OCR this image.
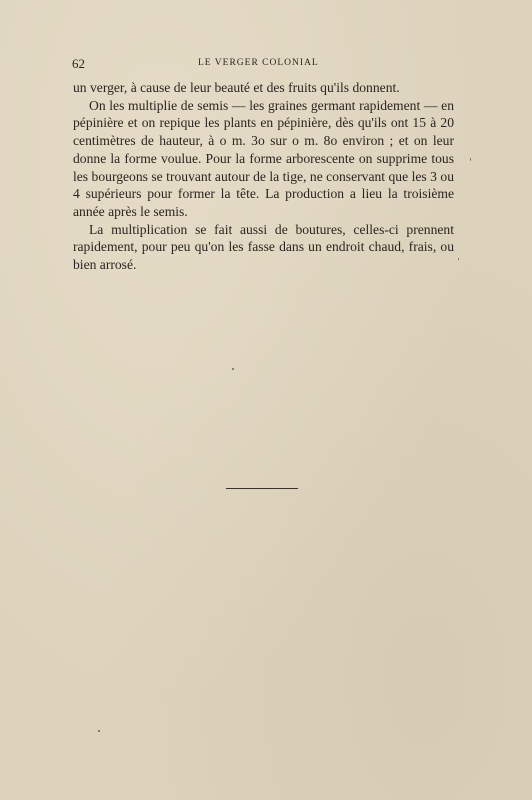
62	LE VERGER COLONIAL

un verger, à cause de leur beauté et des fruits qu'ils donnent.

On les multiplie de semis — les graines germant rapidement — en pépinière et on repique les plants en pépinière, dès qu'ils ont 15 à 20 centimètres de hauteur, à o m. 3o sur o m. 8o environ ; et on leur donne la forme voulue. Pour la forme arborescente on supprime tous les bourgeons se trouvant autour de la tige, ne conservant que les 3 ou 4 supérieurs pour former la tête. La production a lieu la troisième année après le semis.

La multiplication se fait aussi de boutures, celles-ci prennent rapidement, pour peu qu'on les fasse dans un endroit chaud, frais, ou bien arrosé.
